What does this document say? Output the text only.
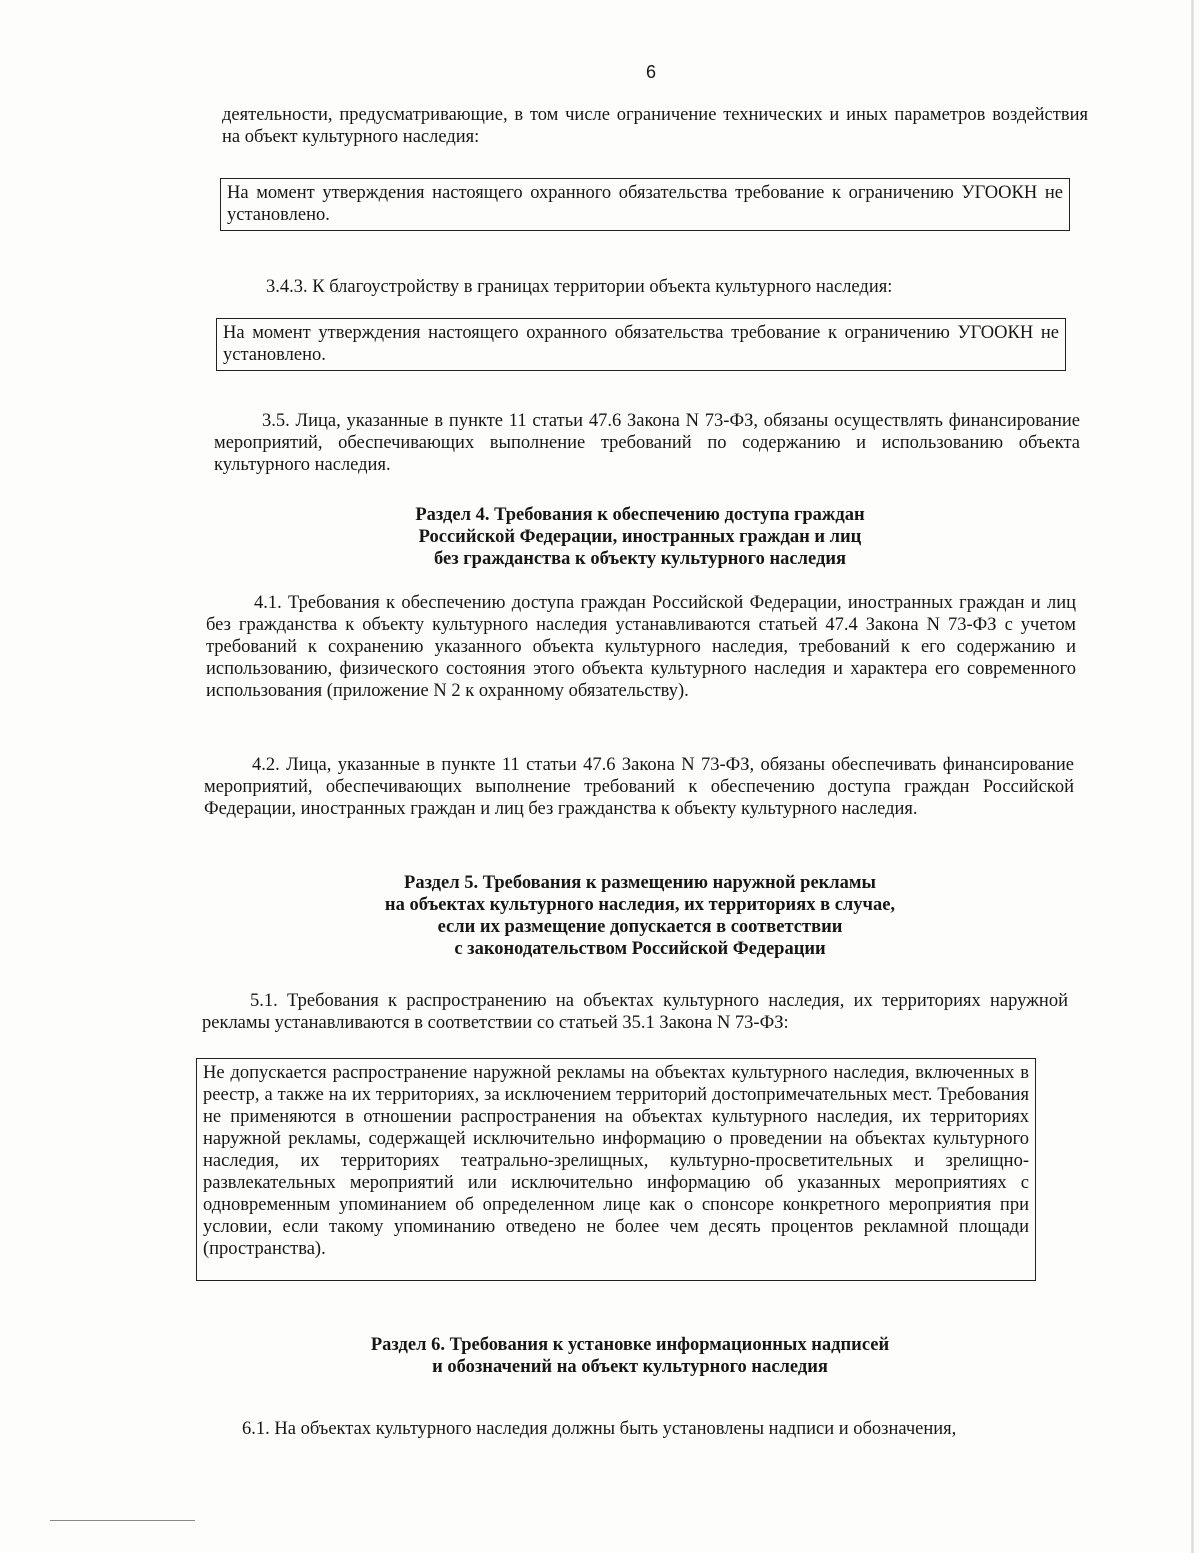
6
деятельности, предусматривающие, в том числе ограничение технических и иных параметров воздействия на объект культурного наследия:
На момент утверждения настоящего охранного обязательства требование к ограничению УГООКН не установлено.
3.4.3. К благоустройству в границах территории объекта культурного наследия:
На момент утверждения настоящего охранного обязательства требование к ограничению УГООКН не установлено.
3.5. Лица, указанные в пункте 11 статьи 47.6 Закона N 73-ФЗ, обязаны осуществлять финансирование мероприятий, обеспечивающих выполнение требований по содержанию и использованию объекта культурного наследия.
Раздел 4. Требования к обеспечению доступа граждан
Российской Федерации, иностранных граждан и лиц
без гражданства к объекту культурного наследия
4.1. Требования к обеспечению доступа граждан Российской Федерации, иностранных граждан и лиц без гражданства к объекту культурного наследия устанавливаются статьей 47.4 Закона N 73-ФЗ с учетом требований к сохранению указанного объекта культурного наследия, требований к его содержанию и использованию, физического состояния этого объекта культурного наследия и характера его современного использования (приложение N 2 к охранному обязательству).
4.2. Лица, указанные в пункте 11 статьи 47.6 Закона N 73-ФЗ, обязаны обеспечивать финансирование мероприятий, обеспечивающих выполнение требований к обеспечению доступа граждан Российской Федерации, иностранных граждан и лиц без гражданства к объекту культурного наследия.
Раздел 5. Требования к размещению наружной рекламы
на объектах культурного наследия, их территориях в случае,
если их размещение допускается в соответствии
с законодательством Российской Федерации
5.1. Требования к распространению на объектах культурного наследия, их территориях наружной рекламы устанавливаются в соответствии со статьей 35.1 Закона N 73-ФЗ:
Не допускается распространение наружной рекламы на объектах культурного наследия, включенных в реестр, а также на их территориях, за исключением территорий достопримечательных мест. Требования не применяются в отношении распространения на объектах культурного наследия, их территориях наружной рекламы, содержащей исключительно информацию о проведении на объектах культурного наследия, их территориях театрально-зрелищных, культурно-просветительных и зрелищно-развлекательных мероприятий или исключительно информацию об указанных мероприятиях с одновременным упоминанием об определенном лице как о спонсоре конкретного мероприятия при условии, если такому упоминанию отведено не более чем десять процентов рекламной площади (пространства).
Раздел 6. Требования к установке информационных надписей
и обозначений на объект культурного наследия
6.1. На объектах культурного наследия должны быть установлены надписи и обозначения,
